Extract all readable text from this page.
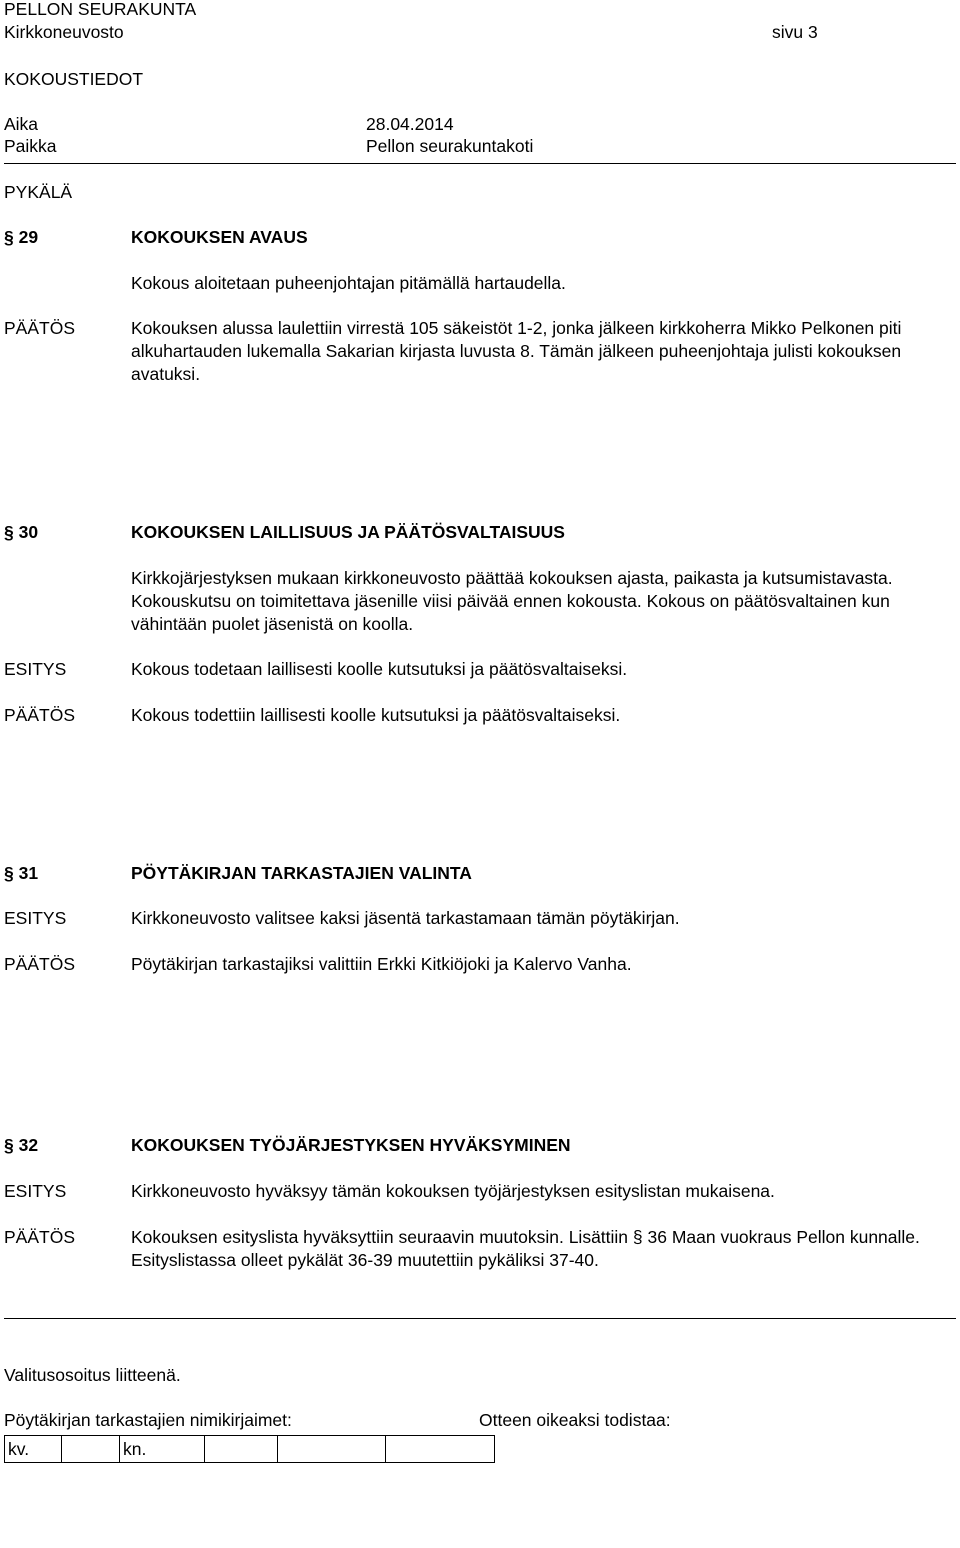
PELLON SEURAKUNTA
Kirkkoneuvosto	sivu 3
KOKOUSTIEDOT
Aika	28.04.2014
Paikka	Pellon seurakuntakoti
PYKÄLÄ
§ 29	KOKOUKSEN AVAUS
Kokous aloitetaan puheenjohtajan pitämällä hartaudella.
PÄÄTÖS	Kokouksen alussa laulettiin virrestä 105 säkeistöt 1-2, jonka jälkeen kirkkoherra Mikko Pelkonen piti alkuhartauden lukemalla Sakarian kirjasta luvusta 8. Tämän jälkeen puheenjohtaja julisti kokouksen avatuksi.
§ 30	KOKOUKSEN LAILLISUUS JA PÄÄTÖSVALTAISUUS
Kirkkojärjestyksen mukaan kirkkoneuvosto päättää kokouksen ajasta, paikasta ja kutsumistavasta. Kokouskutsu on toimitettava jäsenille viisi päivää ennen kokousta. Kokous on päätösvaltainen kun vähintään puolet jäsenistä on koolla.
ESITYS	Kokous todetaan laillisesti koolle kutsutuksi ja päätösvaltaiseksi.
PÄÄTÖS	Kokous todettiin laillisesti koolle kutsutuksi ja päätösvaltaiseksi.
§ 31	PÖYTÄKIRJAN TARKASTAJIEN VALINTA
ESITYS	Kirkkoneuvosto valitsee kaksi jäsentä tarkastamaan tämän pöytäkirjan.
PÄÄTÖS	Pöytäkirjan tarkastajiksi valittiin Erkki Kitkiöjoki ja Kalervo Vanha.
§ 32	KOKOUKSEN TYÖJÄRJESTYKSEN HYVÄKSYMINEN
ESITYS	Kirkkoneuvosto hyväksyy tämän kokouksen työjärjestyksen esityslistan mukaisena.
PÄÄTÖS	Kokouksen esityslista hyväksyttiin seuraavin muutoksin. Lisättiin § 36 Maan vuokraus Pellon kunnalle. Esityslistassa olleet pykälät 36-39 muutettiin pykäliksi 37-40.
Valitusosoitus liitteenä.
Pöytäkirjan tarkastajien nimikirjaimet:	Otteen oikeaksi todistaa:
kv.		kn.			
